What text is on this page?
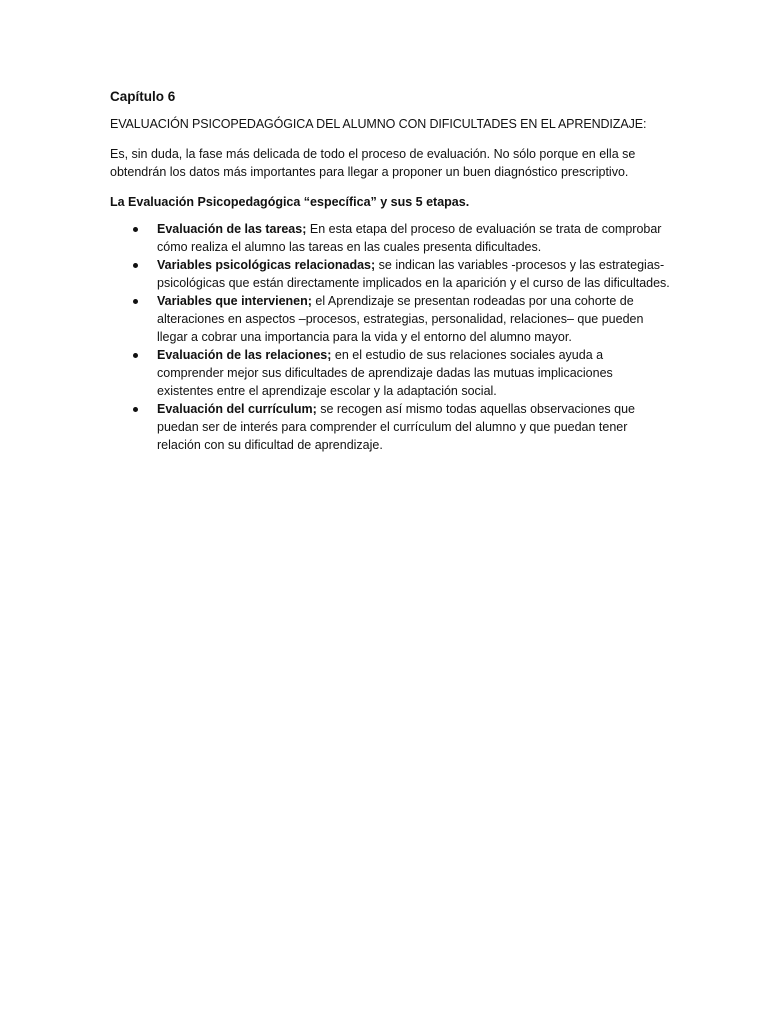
Capítulo 6

EVALUACIÓN PSICOPEDAGÓGICA DEL ALUMNO CON DIFICULTADES EN EL APRENDIZAJE:

Es, sin duda, la fase más delicada de todo el proceso de evaluación. No sólo porque en ella se obtendrán los datos más importantes para llegar a proponer un buen diagnóstico prescriptivo.

La Evaluación Psicopedagógica “específica” y sus 5 etapas.

Evaluación de las tareas; En esta etapa del proceso de evaluación se trata de comprobar cómo realiza el alumno las tareas en las cuales presenta dificultades.
Variables psicológicas relacionadas; se indican las variables -procesos y las estrategias- psicológicas que están directamente implicados en la aparición y el curso de las dificultades.
Variables que intervienen; el Aprendizaje se presentan rodeadas por una cohorte de alteraciones en aspectos –procesos, estrategias, personalidad, relaciones– que pueden llegar a cobrar una importancia para la vida y el entorno del alumno mayor.
Evaluación de las relaciones; en el estudio de sus relaciones sociales ayuda a comprender mejor sus dificultades de aprendizaje dadas las mutuas implicaciones existentes entre el aprendizaje escolar y la adaptación social.
Evaluación del currículum; se recogen así mismo todas aquellas observaciones que puedan ser de interés para comprender el currículum del alumno y que puedan tener relación con su dificultad de aprendizaje.
